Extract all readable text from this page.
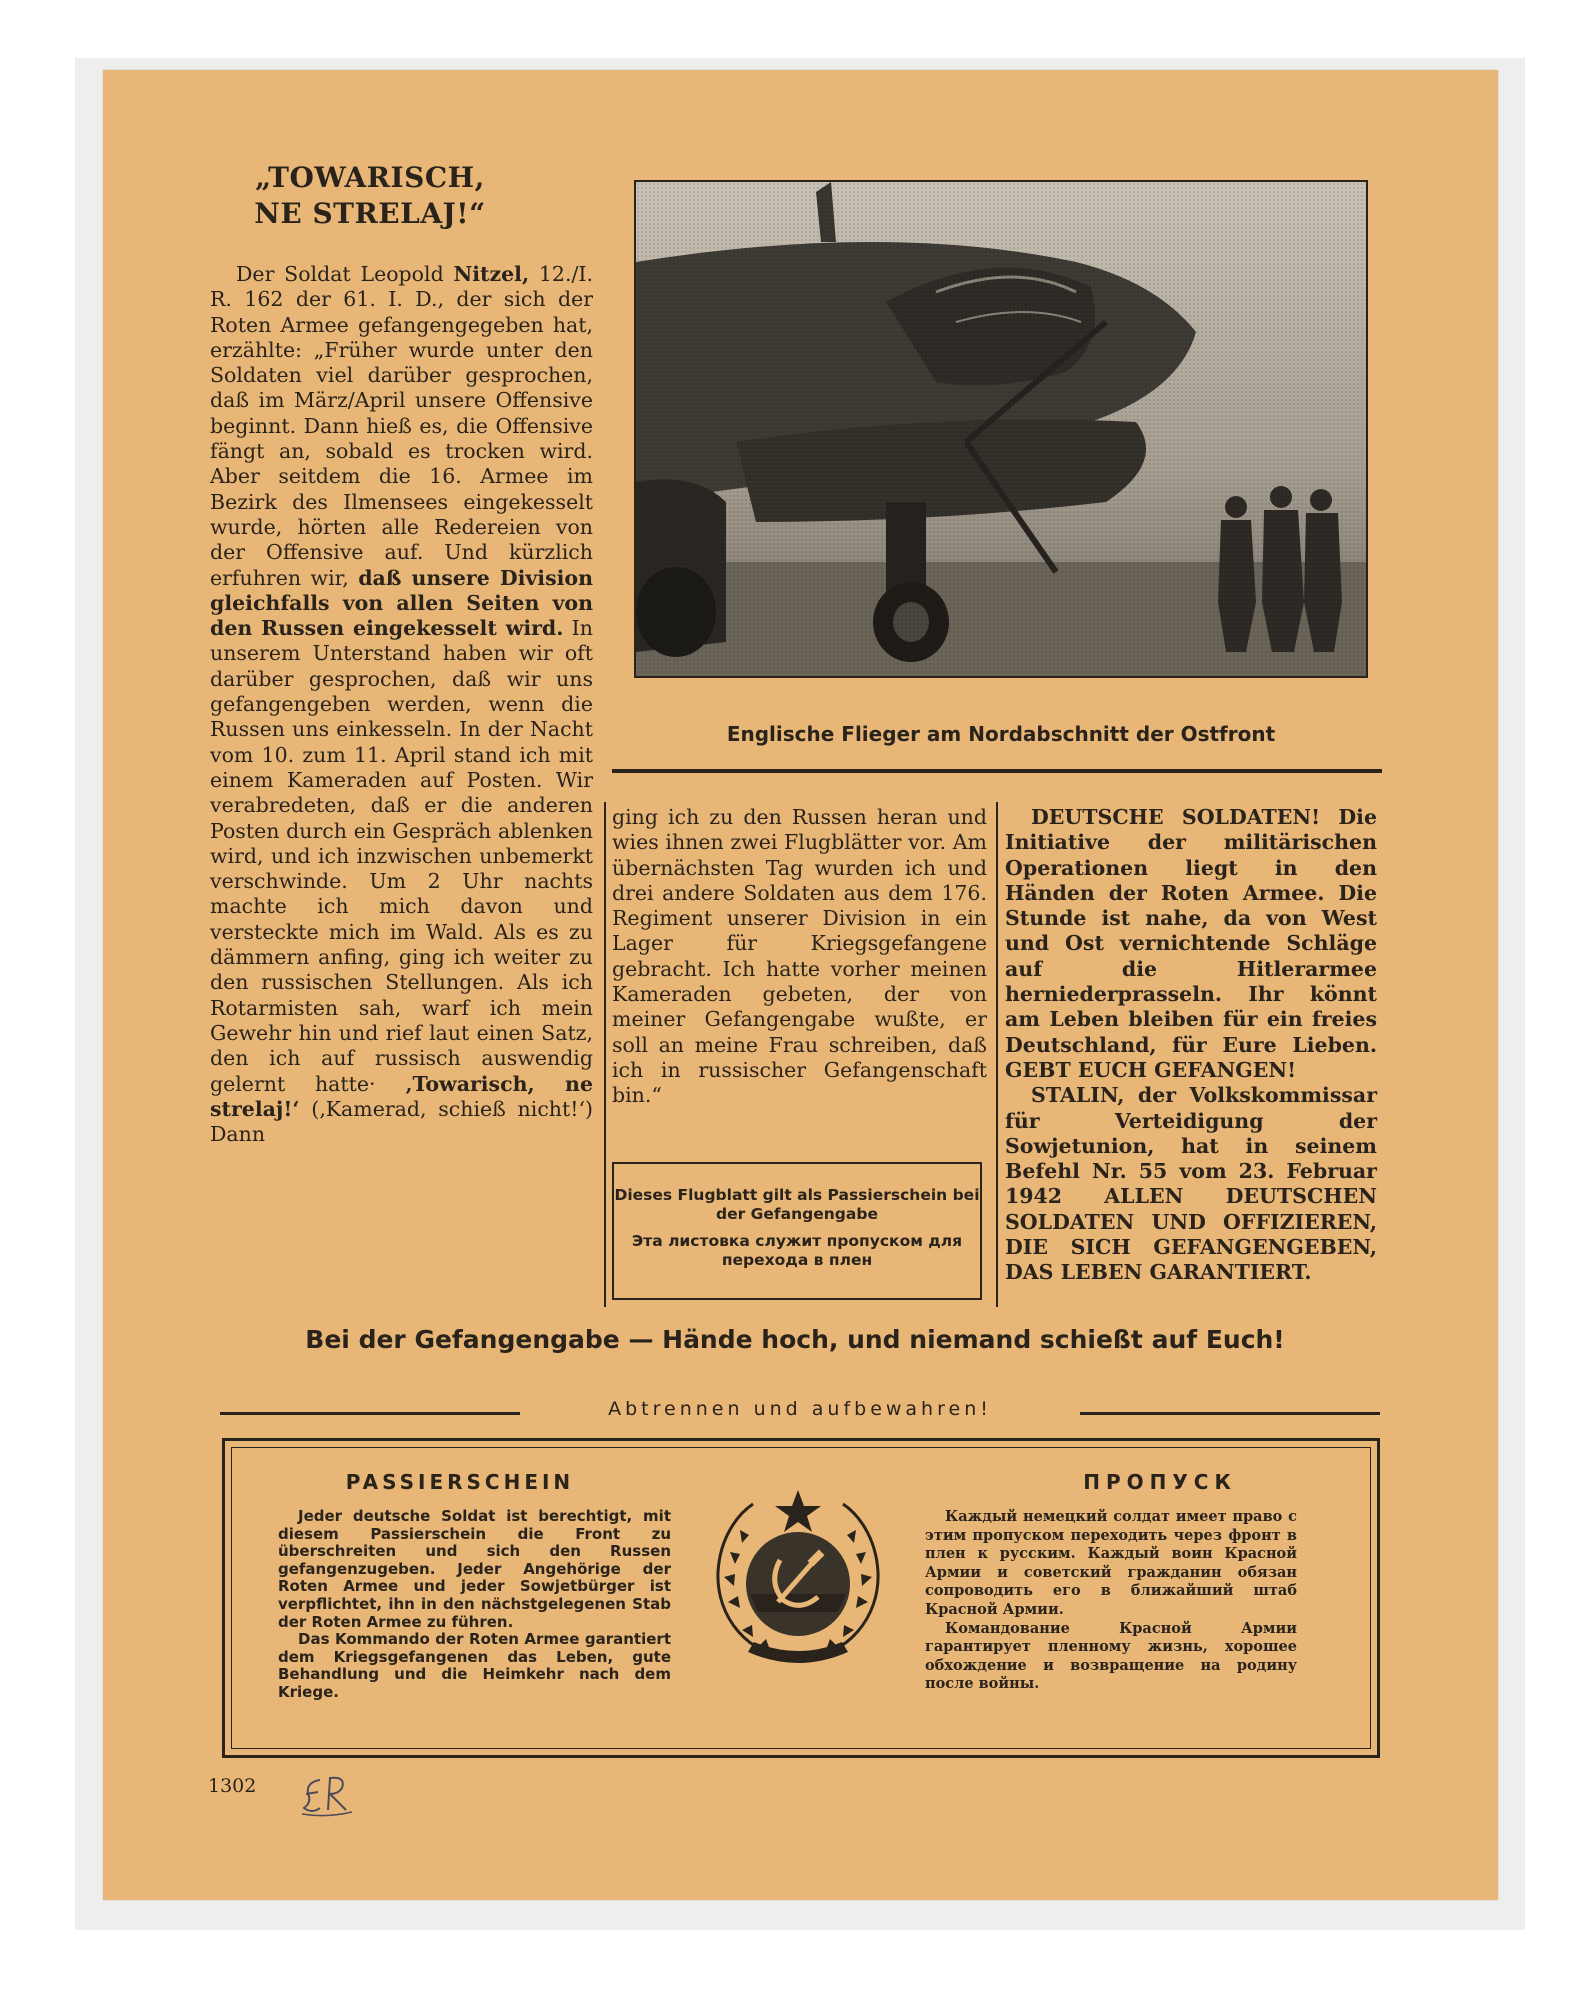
„TOWARISCH,
NE STRELAJ!“

Der Soldat Leopold Nitzel, 12./I. R. 162 der 61. I. D., der sich der Roten Armee gefangengegeben hat, erzählte: „Früher wurde unter den Soldaten viel darüber gesprochen, daß im März/April unsere Offensive beginnt. Dann hieß es, die Offensive fängt an, sobald es trocken wird. Aber seitdem die 16. Armee im Bezirk des Ilmensees eingekesselt wurde, hörten alle Redereien von der Offensive auf. Und kürzlich erfuhren wir, daß unsere Division gleichfalls von allen Seiten von den Russen eingekesselt wird. In unserem Unterstand haben wir oft darüber gesprochen, daß wir uns gefangengeben werden, wenn die Russen uns einkesseln. In der Nacht vom 10. zum 11. April stand ich mit einem Kameraden auf Posten. Wir verabredeten, daß er die anderen Posten durch ein Gespräch ablenken wird, und ich inzwischen unbemerkt verschwinde. Um 2 Uhr nachts machte ich mich davon und versteckte mich im Wald. Als es zu dämmern anfing, ging ich weiter zu den russischen Stellungen. Als ich Rotarmisten sah, warf ich mein Gewehr hin und rief laut einen Satz, den ich auf russisch auswendig gelernt hatte· ‚Towarisch, ne strelaj!‘ (‚Kamerad, schieß nicht!‘) Dann

Englische Flieger am Nordabschnitt der Ostfront

ging ich zu den Russen heran und wies ihnen zwei Flugblätter vor. Am übernächsten Tag wurden ich und drei andere Soldaten aus dem 176. Regiment unserer Division in ein Lager für Kriegsgefangene gebracht. Ich hatte vorher meinen Kameraden gebeten, der von meiner Gefangengabe wußte, er soll an meine Frau schreiben, daß ich in russischer Gefangenschaft bin.“

Dieses Flugblatt gilt als Passierschein bei der Gefangengabe
Эта листовка служит пропуском для перехода в плен

DEUTSCHE SOLDATEN! Die Initiative der militärischen Operationen liegt in den Händen der Roten Armee. Die Stunde ist nahe, da von West und Ost vernichtende Schläge auf die Hitlerarmee herniederprasseln. Ihr könnt am Leben bleiben für ein freies Deutschland, für Eure Lieben. GEBT EUCH GEFANGEN!

STALIN, der Volkskommissar für Verteidigung der Sowjetunion, hat in seinem Befehl Nr. 55 vom 23. Februar 1942 ALLEN DEUTSCHEN SOLDATEN UND OFFIZIEREN, DIE SICH GEFANGENGEBEN, DAS LEBEN GARANTIERT.

Bei der Gefangengabe — Hände hoch, und niemand schießt auf Euch!
Abtrennen und aufbewahren!
PASSIERSCHEIN

Jeder deutsche Soldat ist berechtigt, mit diesem Passierschein die Front zu überschreiten und sich den Russen gefangenzugeben. Jeder Angehörige der Roten Armee und jeder Sowjetbürger ist verpflichtet, ihn in den nächstgelegenen Stab der Roten Armee zu führen.

Das Kommando der Roten Armee garantiert dem Kriegsgefangenen das Leben, gute Behandlung und die Heimkehr nach dem Kriege.

ПРОПУСК

Каждый немецкий солдат имеет право с этим пропуском переходить через фронт в плен к русским. Каждый воин Красной Армии и советский гражданин обязан сопроводить его в ближайший штаб Красной Армии.

Командование Красной Армии гарантирует пленному жизнь, хорошее обхождение и возвращение на родину после войны.

1302
